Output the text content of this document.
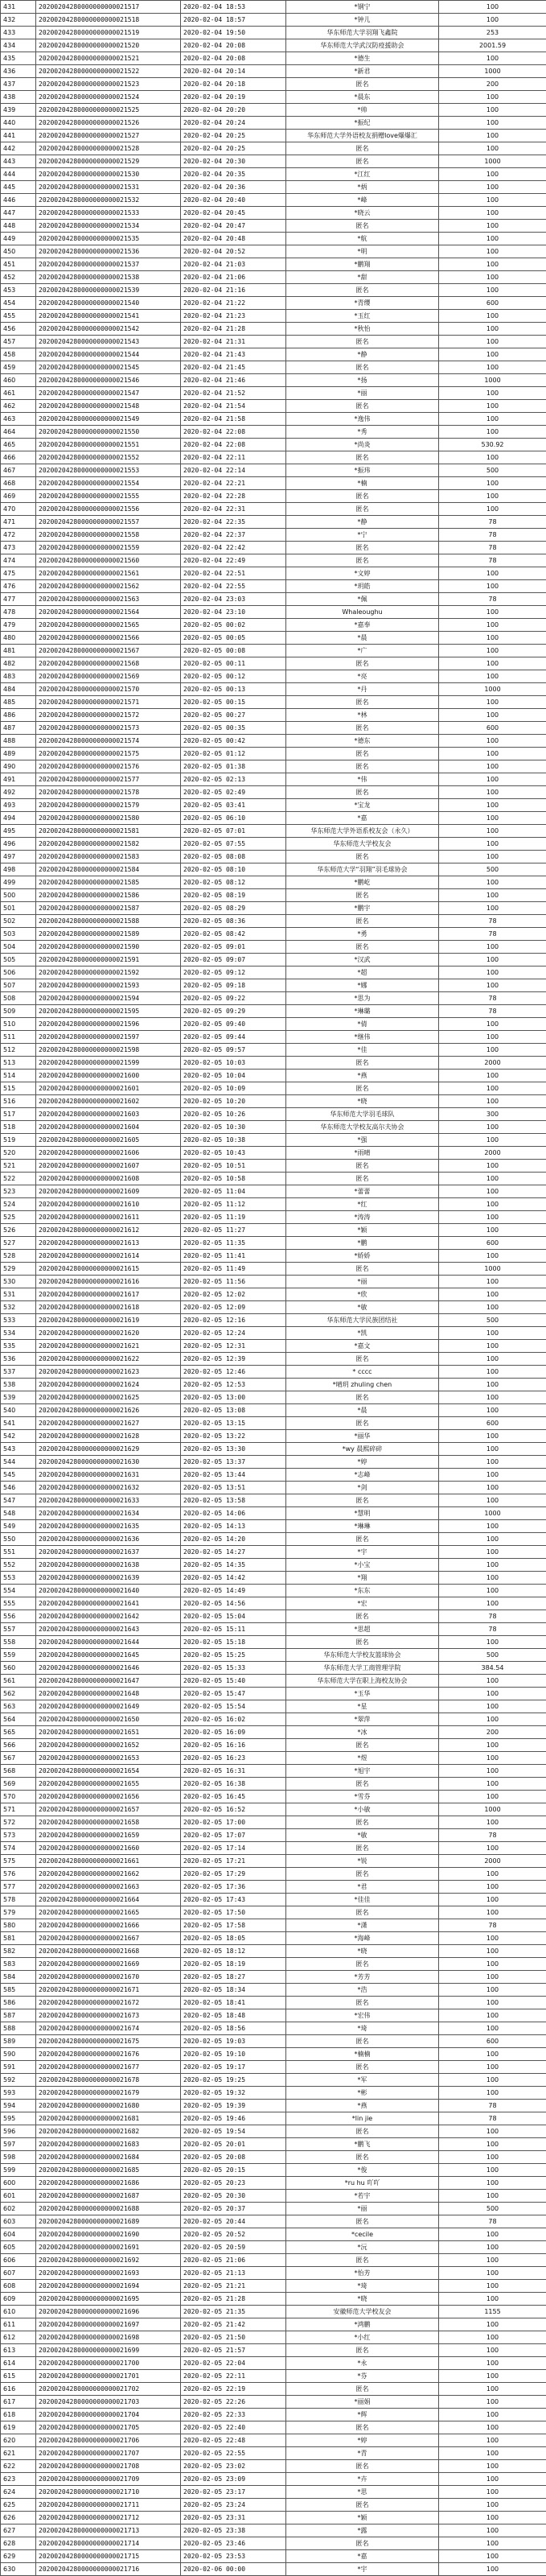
431	20200204280000000000021517	2020-02-04 18:53	*钢宁	100
432	20200204280000000000021518	2020-02-04 18:57	*钟儿	100
433	20200204280000000000021519	2020-02-04 19:50	华东师范大学羽翔飞鑫院	253
434	20200204280000000000021520	2020-02-04 20:08	华东师范大学武汉防疫援助会	2001.59
435	20200204280000000000021521	2020-02-04 20:08	*德生	100
436	20200204280000000000021522	2020-02-04 20:14	*新君	1000
437	20200204280000000000021523	2020-02-04 20:18	匿名	200
438	20200204280000000000021524	2020-02-04 20:19	*晨东	100
439	20200204280000000000021525	2020-02-04 20:20	*帅	100
440	20200204280000000000021526	2020-02-04 20:24	*振纪	100
441	20200204280000000000021527	2020-02-04 20:25	华东师范大学外语校友捐赠love爆爆汇	100
442	20200204280000000000021528	2020-02-04 20:25	匿名	100
443	20200204280000000000021529	2020-02-04 20:30	匿名	1000
444	20200204280000000000021530	2020-02-04 20:35	*江红	100
445	20200204280000000000021531	2020-02-04 20:36	*炳	100
446	20200204280000000000021532	2020-02-04 20:40	*峰	100
447	20200204280000000000021533	2020-02-04 20:45	*晓云	100
448	20200204280000000000021534	2020-02-04 20:47	匿名	100
449	20200204280000000000021535	2020-02-04 20:48	*航	100
450	20200204280000000000021536	2020-02-04 20:52	*明	100
451	20200204280000000000021537	2020-02-04 21:03	*鹏翔	100
452	20200204280000000000021538	2020-02-04 21:06	*甜	100
453	20200204280000000000021539	2020-02-04 21:16	匿名	100
454	20200204280000000000021540	2020-02-04 21:22	*青缨	600
455	20200204280000000000021541	2020-02-04 21:23	*玉红	100
456	20200204280000000000021542	2020-02-04 21:28	*秋怡	100
457	20200204280000000000021543	2020-02-04 21:31	匿名	100
458	20200204280000000000021544	2020-02-04 21:43	*静	100
459	20200204280000000000021545	2020-02-04 21:45	匿名	100
460	20200204280000000000021546	2020-02-04 21:46	*扬	1000
461	20200204280000000000021547	2020-02-04 21:52	*丽	100
462	20200204280000000000021548	2020-02-04 21:54	匿名	100
463	20200204280000000000021549	2020-02-04 21:58	*逸伟	100
464	20200204280000000000021550	2020-02-04 22:08	*秀	100
465	20200204280000000000021551	2020-02-04 22:08	*尚炎	530.92
466	20200204280000000000021552	2020-02-04 22:11	匿名	100
467	20200204280000000000021553	2020-02-04 22:14	*振玮	500
468	20200204280000000000021554	2020-02-04 22:21	*楠	100
469	20200204280000000000021555	2020-02-04 22:28	匿名	100
470	20200204280000000000021556	2020-02-04 22:31	匿名	100
471	20200204280000000000021557	2020-02-04 22:35	*静	78
472	20200204280000000000021558	2020-02-04 22:37	*宁	78
473	20200204280000000000021559	2020-02-04 22:42	匿名	78
474	20200204280000000000021560	2020-02-04 22:49	匿名	78
475	20200204280000000000021561	2020-02-04 22:51	*文婷	100
476	20200204280000000000021562	2020-02-04 22:55	*玥皓	100
477	20200204280000000000021563	2020-02-04 23:03	*佩	78
478	20200204280000000000021564	2020-02-04 23:10	Whaleoughu	100
479	20200204280000000000021565	2020-02-05 00:02	*嘉奉	100
480	20200204280000000000021566	2020-02-05 00:05	*晨	100
481	20200204280000000000021567	2020-02-05 00:08	*广	100
482	20200204280000000000021568	2020-02-05 00:11	匿名	100
483	20200204280000000000021569	2020-02-05 00:12	*亮	100
484	20200204280000000000021570	2020-02-05 00:13	*丹	1000
485	20200204280000000000021571	2020-02-05 00:15	匿名	100
486	20200204280000000000021572	2020-02-05 00:27	*林	100
487	20200204280000000000021573	2020-02-05 00:35	匿名	600
488	20200204280000000000021574	2020-02-05 00:42	*德东	100
489	20200204280000000000021575	2020-02-05 01:12	匿名	100
490	20200204280000000000021576	2020-02-05 01:38	匿名	100
491	20200204280000000000021577	2020-02-05 02:13	*伟	100
492	20200204280000000000021578	2020-02-05 02:49	匿名	100
493	20200204280000000000021579	2020-02-05 03:41	*宝龙	100
494	20200204280000000000021580	2020-02-05 06:10	*嘉	100
495	20200204280000000000021581	2020-02-05 07:01	华东师范大学外语系校友会（永久）	100
496	20200204280000000000021582	2020-02-05 07:55	华东师范大学校友会	100
497	20200204280000000000021583	2020-02-05 08:08	匿名	100
498	20200204280000000000021584	2020-02-05 08:10	华东师范大学“羽翔”羽毛球协会	500
499	20200204280000000000021585	2020-02-05 08:12	*鹏屹	100
500	20200204280000000000021586	2020-02-05 08:19	匿名	100
501	20200204280000000000021587	2020-02-05 08:29	*鹏宇	100
502	20200204280000000000021588	2020-02-05 08:36	匿名	78
503	20200204280000000000021589	2020-02-05 08:42	*勇	78
504	20200204280000000000021590	2020-02-05 09:01	匿名	100
505	20200204280000000000021591	2020-02-05 09:07	*汉武	100
506	20200204280000000000021592	2020-02-05 09:12	*超	100
507	20200204280000000000021593	2020-02-05 09:18	*娜	100
508	20200204280000000000021594	2020-02-05 09:22	*思为	78
509	20200204280000000000021595	2020-02-05 09:29	*琳璐	78
510	20200204280000000000021596	2020-02-05 09:40	*倩	100
511	20200204280000000000021597	2020-02-05 09:44	*继伟	100
512	20200204280000000000021598	2020-02-05 09:57	*佳	100
513	20200204280000000000021599	2020-02-05 10:03	匿名	2000
514	20200204280000000000021600	2020-02-05 10:04	*燕	100
515	20200204280000000000021601	2020-02-05 10:09	匿名	100
516	20200204280000000000021602	2020-02-05 10:20	*晓	100
517	20200204280000000000021603	2020-02-05 10:26	华东师范大学羽毛球队	300
518	20200204280000000000021604	2020-02-05 10:30	华东师范大学校友高尔夫协会	100
519	20200204280000000000021605	2020-02-05 10:38	*强	100
520	20200204280000000000021606	2020-02-05 10:43	*雨晴	2000
521	20200204280000000000021607	2020-02-05 10:51	匿名	100
522	20200204280000000000021608	2020-02-05 10:58	匿名	100
523	20200204280000000000021609	2020-02-05 11:04	*蕾蕾	100
524	20200204280000000000021610	2020-02-05 11:12	*红	100
525	20200204280000000000021611	2020-02-05 11:19	*涛涛	100
526	20200204280000000000021612	2020-02-05 11:27	*颖	100
527	20200204280000000000021613	2020-02-05 11:35	*鹏	600
528	20200204280000000000021614	2020-02-05 11:41	*娇娇	100
529	20200204280000000000021615	2020-02-05 11:49	匿名	1000
530	20200204280000000000021616	2020-02-05 11:56	*丽	100
531	20200204280000000000021617	2020-02-05 12:02	*欣	100
532	20200204280000000000021618	2020-02-05 12:09	*敏	100
533	20200204280000000000021619	2020-02-05 12:16	华东师范大学民族团结社	500
534	20200204280000000000021620	2020-02-05 12:24	*凯	100
535	20200204280000000000021621	2020-02-05 12:31	*嘉文	100
536	20200204280000000000021622	2020-02-05 12:39	匿名	100
537	20200204280000000000021623	2020-02-05 12:46	* cccc	100
538	20200204280000000000021624	2020-02-05 12:53	*晴玥 zhuling chen	100
539	20200204280000000000021625	2020-02-05 13:00	匿名	100
540	20200204280000000000021626	2020-02-05 13:08	*晨	100
541	20200204280000000000021627	2020-02-05 13:15	匿名	600
542	20200204280000000000021628	2020-02-05 13:22	*丽华	100
543	20200204280000000000021629	2020-02-05 13:30	*wy 晨熙碎碎	100
544	20200204280000000000021630	2020-02-05 13:37	*婷	100
545	20200204280000000000021631	2020-02-05 13:44	*志峰	100
546	20200204280000000000021632	2020-02-05 13:51	*剑	100
547	20200204280000000000021633	2020-02-05 13:58	匿名	100
548	20200204280000000000021634	2020-02-05 14:06	*慧明	1000
549	20200204280000000000021635	2020-02-05 14:13	*琳琳	100
550	20200204280000000000021636	2020-02-05 14:20	匿名	100
551	20200204280000000000021637	2020-02-05 14:27	*宇	100
552	20200204280000000000021638	2020-02-05 14:35	*小宝	100
553	20200204280000000000021639	2020-02-05 14:42	*翔	100
554	20200204280000000000021640	2020-02-05 14:49	*东东	100
555	20200204280000000000021641	2020-02-05 14:56	*宏	100
556	20200204280000000000021642	2020-02-05 15:04	匿名	78
557	20200204280000000000021643	2020-02-05 15:11	*思超	78
558	20200204280000000000021644	2020-02-05 15:18	匿名	100
559	20200204280000000000021645	2020-02-05 15:25	华东师范大学校友篮球协会	500
560	20200204280000000000021646	2020-02-05 15:33	华东师范大学工商管理学院	384.54
561	20200204280000000000021647	2020-02-05 15:40	华东师范大学在职上海校友协会	100
562	20200204280000000000021648	2020-02-05 15:47	*玉华	100
563	20200204280000000000021649	2020-02-05 15:54	*星	100
564	20200204280000000000021650	2020-02-05 16:02	*翠萍	100
565	20200204280000000000021651	2020-02-05 16:09	*冰	200
566	20200204280000000000021652	2020-02-05 16:16	匿名	100
567	20200204280000000000021653	2020-02-05 16:23	*煜	100
568	20200204280000000000021654	2020-02-05 16:31	*旭宇	100
569	20200204280000000000021655	2020-02-05 16:38	匿名	100
570	20200204280000000000021656	2020-02-05 16:45	*雪芬	100
571	20200204280000000000021657	2020-02-05 16:52	*小敏	1000
572	20200204280000000000021658	2020-02-05 17:00	匿名	100
573	20200204280000000000021659	2020-02-05 17:07	*敏	78
574	20200204280000000000021660	2020-02-05 17:14	匿名	100
575	20200204280000000000021661	2020-02-05 17:21	*锐	2000
576	20200204280000000000021662	2020-02-05 17:29	匿名	100
577	20200204280000000000021663	2020-02-05 17:36	*君	100
578	20200204280000000000021664	2020-02-05 17:43	*佳佳	100
579	20200204280000000000021665	2020-02-05 17:50	匿名	100
580	20200204280000000000021666	2020-02-05 17:58	*潇	78
581	20200204280000000000021667	2020-02-05 18:05	*海峰	100
582	20200204280000000000021668	2020-02-05 18:12	*晓	100
583	20200204280000000000021669	2020-02-05 18:19	匿名	100
584	20200204280000000000021670	2020-02-05 18:27	*芳芳	100
585	20200204280000000000021671	2020-02-05 18:34	*浩	100
586	20200204280000000000021672	2020-02-05 18:41	匿名	100
587	20200204280000000000021673	2020-02-05 18:48	*宏伟	100
588	20200204280000000000021674	2020-02-05 18:56	*琦	100
589	20200204280000000000021675	2020-02-05 19:03	匿名	600
590	20200204280000000000021676	2020-02-05 19:10	*楠楠	100
591	20200204280000000000021677	2020-02-05 19:17	匿名	100
592	20200204280000000000021678	2020-02-05 19:25	*军	100
593	20200204280000000000021679	2020-02-05 19:32	*彬	100
594	20200204280000000000021680	2020-02-05 19:39	*燕	78
595	20200204280000000000021681	2020-02-05 19:46	*lin jie	78
596	20200204280000000000021682	2020-02-05 19:54	匿名	100
597	20200204280000000000021683	2020-02-05 20:01	*鹏飞	100
598	20200204280000000000021684	2020-02-05 20:08	匿名	100
599	20200204280000000000021685	2020-02-05 20:15	*俊	100
600	20200204280000000000021686	2020-02-05 20:23	*ru hu 吖吖	100
601	20200204280000000000021687	2020-02-05 20:30	*若宇	100
602	20200204280000000000021688	2020-02-05 20:37	*丽	500
603	20200204280000000000021689	2020-02-05 20:44	匿名	78
604	20200204280000000000021690	2020-02-05 20:52	*cecile	100
605	20200204280000000000021691	2020-02-05 20:59	*沅	100
606	20200204280000000000021692	2020-02-05 21:06	匿名	100
607	20200204280000000000021693	2020-02-05 21:13	*怡芳	100
608	20200204280000000000021694	2020-02-05 21:21	*琦	100
609	20200204280000000000021695	2020-02-05 21:28	*晓	100
610	20200204280000000000021696	2020-02-05 21:35	安徽师范大学校友会	1155
611	20200204280000000000021697	2020-02-05 21:42	*鸿鹏	100
612	20200204280000000000021698	2020-02-05 21:50	*小红	100
613	20200204280000000000021699	2020-02-05 21:57	匿名	100
614	20200204280000000000021700	2020-02-05 22:04	*永	100
615	20200204280000000000021701	2020-02-05 22:11	*芬	100
616	20200204280000000000021702	2020-02-05 22:19	匿名	100
617	20200204280000000000021703	2020-02-05 22:26	*丽娟	100
618	20200204280000000000021704	2020-02-05 22:33	*辉	100
619	20200204280000000000021705	2020-02-05 22:40	匿名	100
620	20200204280000000000021706	2020-02-05 22:48	*婷	100
621	20200204280000000000021707	2020-02-05 22:55	*青	100
622	20200204280000000000021708	2020-02-05 23:02	匿名	100
623	20200204280000000000021709	2020-02-05 23:09	*卉	100
624	20200204280000000000021710	2020-02-05 23:17	*思	100
625	20200204280000000000021711	2020-02-05 23:24	匿名	100
626	20200204280000000000021712	2020-02-05 23:31	*颖	100
627	20200204280000000000021713	2020-02-05 23:38	*露	100
628	20200204280000000000021714	2020-02-05 23:46	匿名	100
629	20200204280000000000021715	2020-02-05 23:53	*嘉	100
630	20200204280000000000021716	2020-02-06 00:00	*宇	100
